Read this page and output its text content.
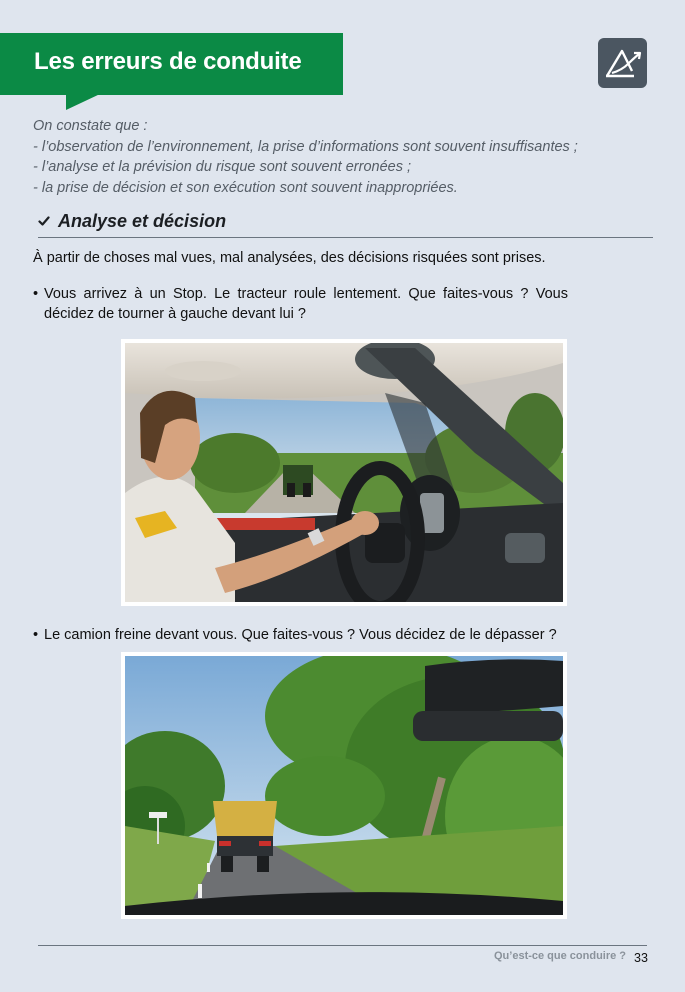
Les erreurs de conduite
On constate que :
- l’observation de l’environnement, la prise d’informations sont souvent insuffisantes ;
- l’analyse et la prévision du risque sont souvent erronées ;
- la prise de décision et son exécution sont souvent inappropriées.
Analyse et décision
À partir de choses mal vues, mal analysées, des décisions risquées sont prises.
• Vous arrivez à un Stop. Le tracteur roule lentement. Que faites-vous ? Vous décidez de tourner à gauche devant lui ?
• Le camion freine devant vous. Que faites-vous ? Vous décidez de le dépasser ?
Qu’est-ce que conduire ? 33
